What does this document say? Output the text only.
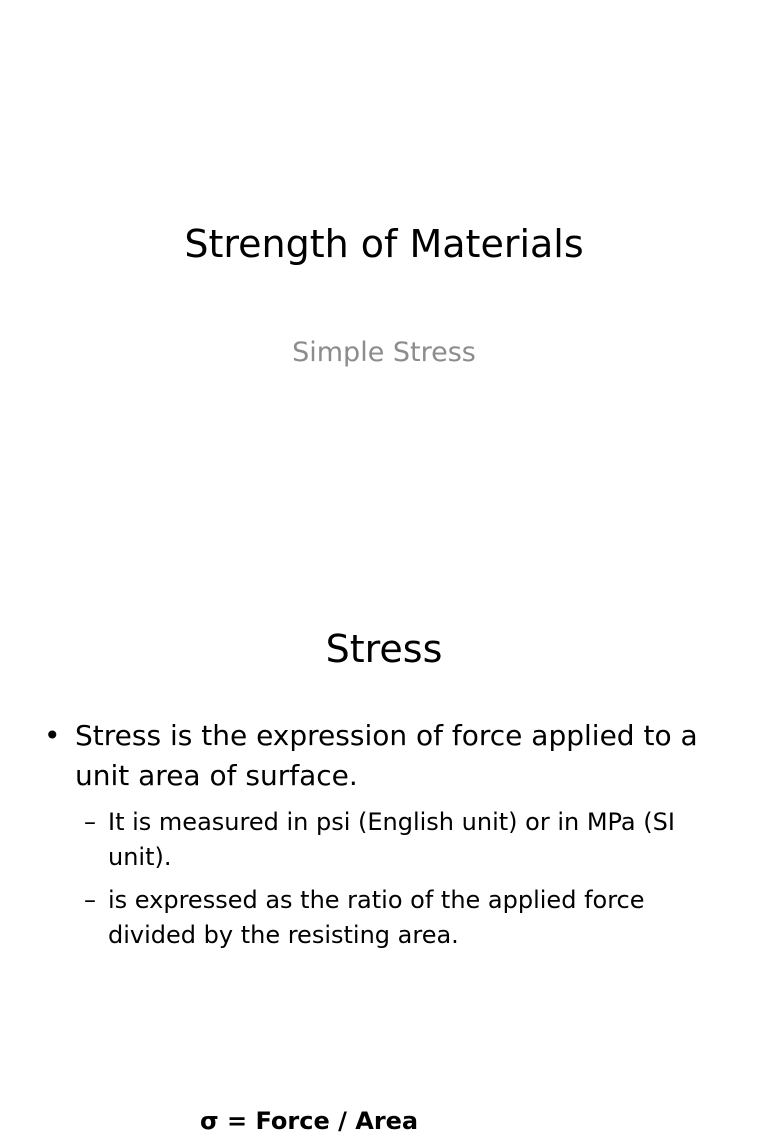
Strength of Materials
Simple Stress
Stress
• Stress is the expression of force applied to a unit area of surface.
– It is measured in psi (English unit) or in MPa (SI unit).
– is expressed as the ratio of the applied force divided by the resisting area.
σ = Force / Area
